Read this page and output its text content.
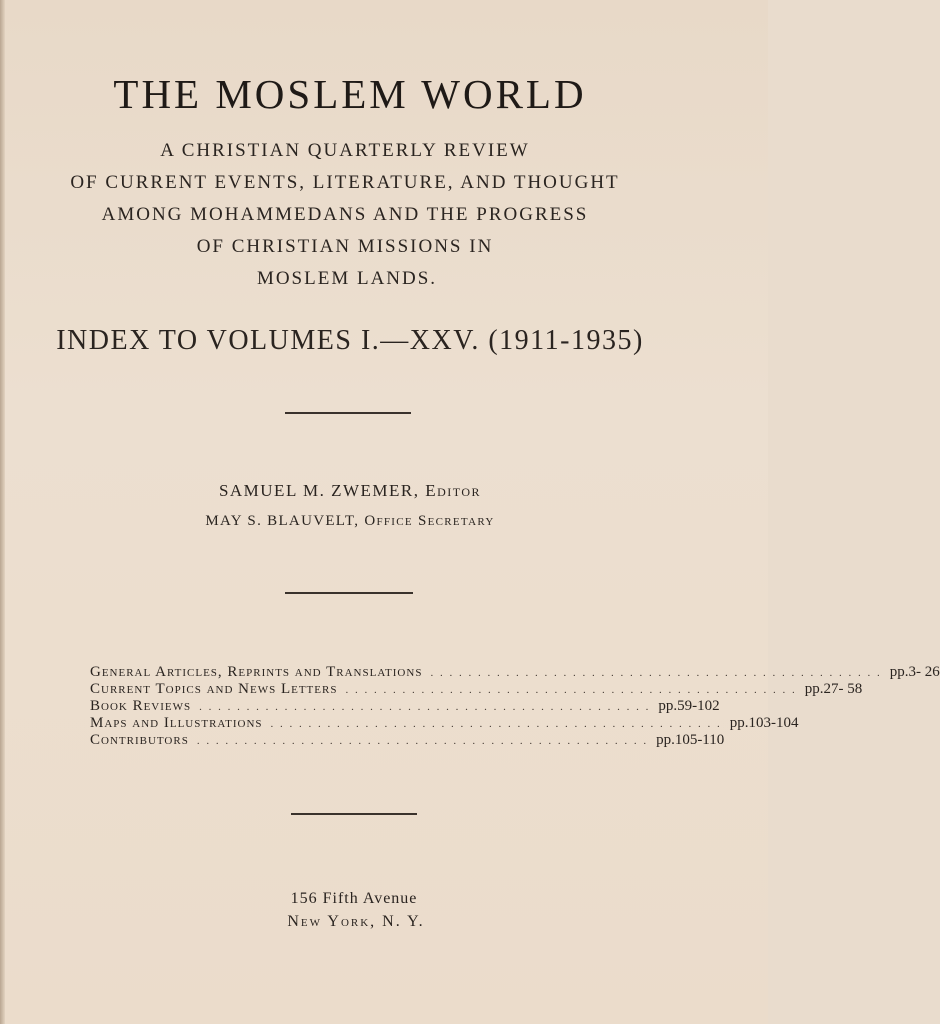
THE MOSLEM WORLD
A CHRISTIAN QUARTERLY REVIEW
OF CURRENT EVENTS, LITERATURE, AND THOUGHT
AMONG MOHAMMEDANS AND THE PROGRESS
OF CHRISTIAN MISSIONS IN
MOSLEM LANDS.
INDEX TO VOLUMES I.—XXV. (1911-1935)
SAMUEL M. ZWEMER, Editor
MAY S. BLAUVELT, Office Secretary
General Articles, Reprints and Translations . . . . . . . . . . . . . . . . . . . . . . . . . . . . . . . . . . . . . . . . . . . . . . . . pp. 3- 26
Current Topics and News Letters . . . . . . . . . . . . . . . . . . . . . . . . . . . . . . . . . . . . . . . . . . . . . . . . pp. 27- 58
Book Reviews . . . . . . . . . . . . . . . . . . . . . . . . . . . . . . . . . . . . . . . . . . . . . . . . pp. 59-102
Maps and Illustrations . . . . . . . . . . . . . . . . . . . . . . . . . . . . . . . . . . . . . . . . . . . . . . . . pp. 103-104
Contributors . . . . . . . . . . . . . . . . . . . . . . . . . . . . . . . . . . . . . . . . . . . . . . . . pp. 105-110
156 Fifth Avenue
New York, N. Y.
